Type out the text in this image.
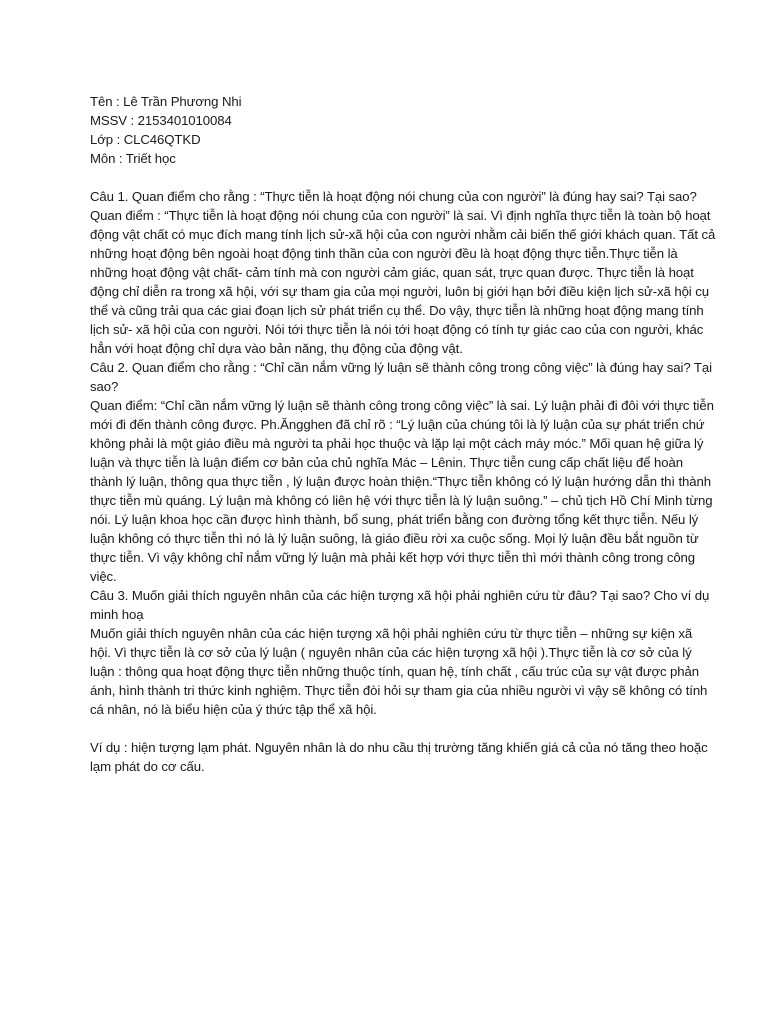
Tên : Lê Trần Phương Nhi

MSSV : 2153401010084

Lớp : CLC46QTKD

Môn : Triết học

Câu 1. Quan điểm cho rằng : “Thực tiễn là hoạt động nói chung của con người” là đúng hay sai? Tại sao?

Quan điểm : “Thực tiễn là hoạt động nói chung của con người” là sai. Vì định nghĩa thực tiễn là toàn bộ hoạt động vật chất có mục đích mang tính lịch sử-xã hội của con người nhằm cải biến thế giới khách quan. Tất cả những hoạt động bên ngoài hoạt động tinh thần của con người đều là hoạt động thực tiễn.Thực tiễn là những hoạt động vật chất- cảm tính mà con người cảm giác, quan sát, trực quan được. Thực tiễn là hoạt động chỉ diễn ra trong xã hội, với sự tham gia của mọi người, luôn bị giới hạn bởi điều kiện lịch sử-xã hội cụ thể và cũng trải qua các giai đoạn lịch sử phát triển cụ thể. Do vậy, thực tiễn là những hoạt động mang tính lịch sử- xã hội của con người. Nói tới thực tiễn là nói tới hoạt động có tính tự giác cao của con người, khác hẳn với hoạt động chỉ dựa vào bản năng, thụ động của động vật.

Câu 2. Quan điểm cho rằng : “Chỉ cần nắm vững lý luận sẽ thành công trong công việc” là đúng hay sai? Tại sao?

Quan điểm: “Chỉ cần nắm vững lý luận sẽ thành công trong công việc” là sai. Lý luận phải đi đôi với thực tiễn mới đi đến thành công được. Ph.Ăngghen đã chỉ rõ : “Lý luận của chúng tôi là lý luận của sự phát triển chứ không phải là một giáo điều mà người ta phải học thuộc và lặp lại một cách máy móc.” Mối quan hệ giữa lý luận và thực tiễn là luận điểm cơ bản của chủ nghĩa Mác – Lênin. Thực tiễn cung cấp chất liệu để hoàn thành lý luận, thông qua thực tiễn , lý luận được hoàn thiện.“Thực tiễn không có lý luận hướng dẫn thì thành thực tiễn mù quáng. Lý luận mà không có liên hệ với thực tiễn là lý luận suông.” – chủ tịch Hồ Chí Minh từng nói. Lý luận khoa học cần được hình thành, bổ sung, phát triển bằng con đường tổng kết thực tiễn. Nếu lý luận không có thực tiễn thì nó là lý luận suông, là giáo điều rời xa cuộc sống. Mọi lý luận đều bắt nguồn từ thực tiễn. Vì vậy không chỉ nắm vững lý luận mà phải kết hợp với thực tiễn thì mới thành công trong công việc.

Câu 3. Muốn giải thích nguyên nhân của các hiện tượng xã hội phải nghiên cứu từ đâu? Tại sao? Cho ví dụ minh hoạ

Muốn giải thích nguyên nhân của các hiện tượng xã hội phải nghiên cứu từ thực tiễn – những sự kiện xã hội. Vì thực tiễn là cơ sở của lý luận ( nguyên nhân của các hiện tượng xã hội ).Thực tiễn là cơ sở của lý luận : thông qua hoạt động thực tiễn những thuộc tính, quan hệ, tính chất , cấu trúc của sự vật được phản ánh, hình thành tri thức kinh nghiệm. Thực tiễn đòi hỏi sự tham gia của nhiều người vì vậy sẽ không có tính cá nhân, nó là biểu hiện của ý thức tập thể xã hội.

Ví dụ : hiện tượng lạm phát. Nguyên nhân là do nhu cầu thị trường tăng khiến giá cả của nó tăng theo hoặc lạm phát do cơ cấu.
